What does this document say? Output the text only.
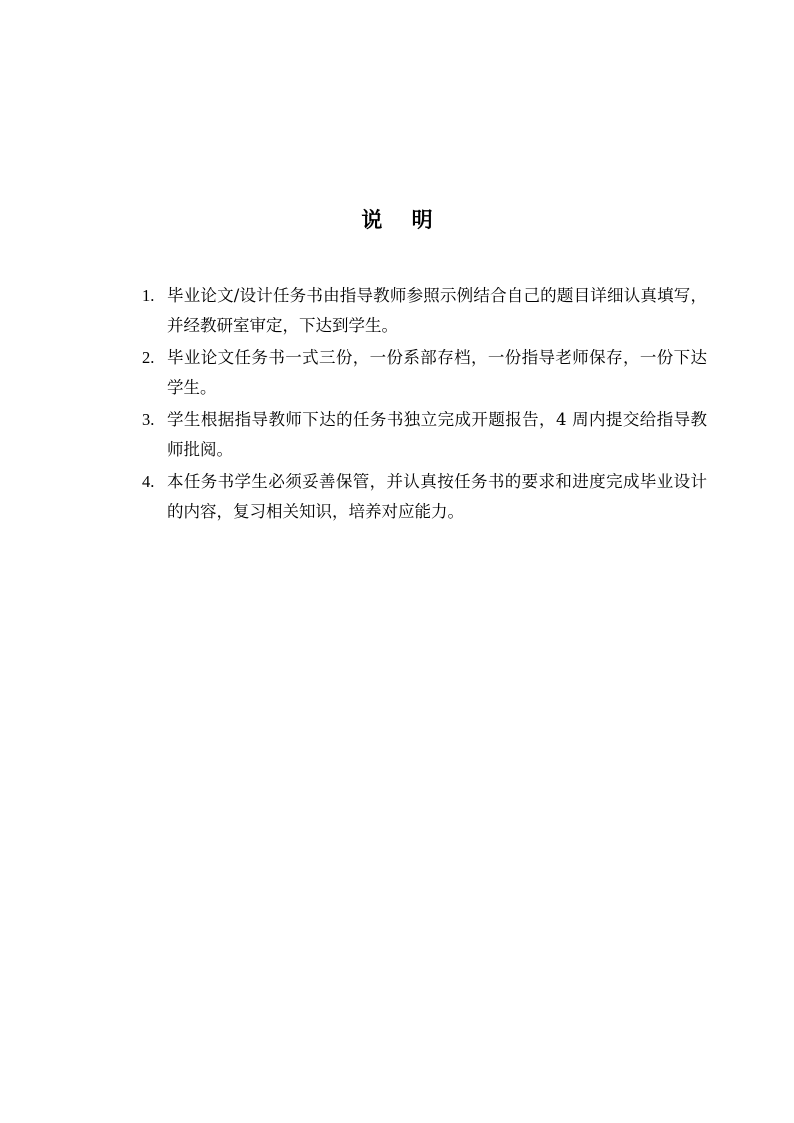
说    明
1. 毕业论文/设计任务书由指导教师参照示例结合自己的题目详细认真填写，并经教研室审定，下达到学生。
2. 毕业论文任务书一式三份，一份系部存档，一份指导老师保存，一份下达学生。
3. 学生根据指导教师下达的任务书独立完成开题报告，4 周内提交给指导教师批阅。
4. 本任务书学生必须妥善保管，并认真按任务书的要求和进度完成毕业设计的内容，复习相关知识，培养对应能力。
